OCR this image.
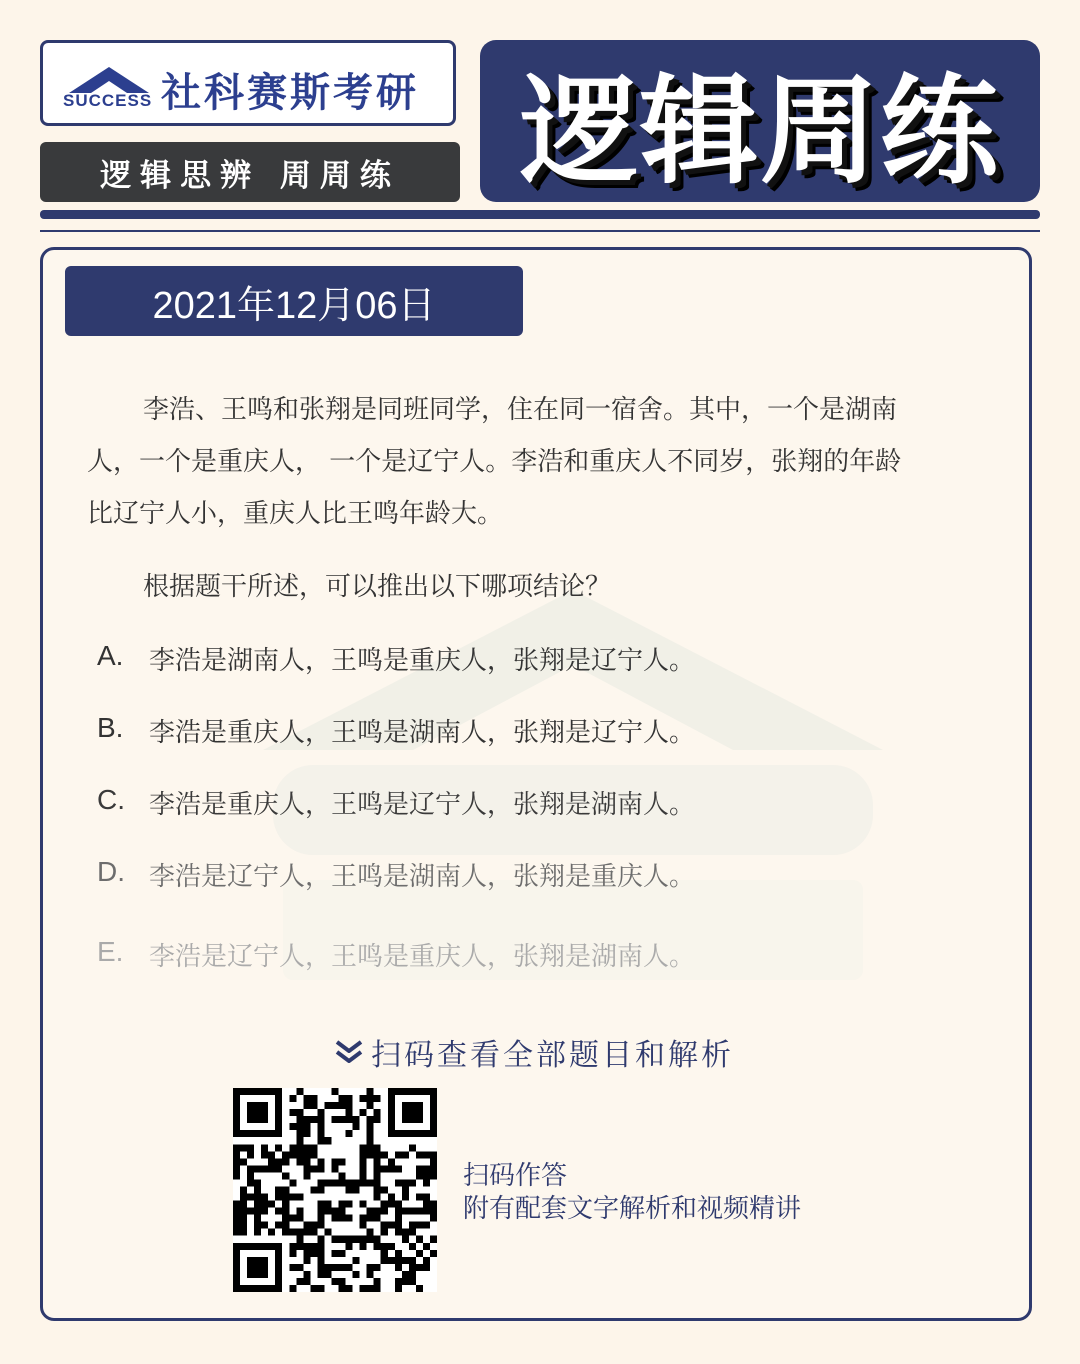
SUCCESS 社科赛斯考研
逻辑思辨 周周练	逻辑周练
2021年12月06日
李浩、王鸣和张翔是同班同学，住在同一宿舍。其中，一个是湖南
人，一个是重庆人， 一个是辽宁人。李浩和重庆人不同岁，张翔的年龄
比辽宁人小，重庆人比王鸣年龄大。
根据题干所述，可以推出以下哪项结论？
A. 李浩是湖南人，王鸣是重庆人，张翔是辽宁人。
B. 李浩是重庆人，王鸣是湖南人，张翔是辽宁人。
C. 李浩是重庆人，王鸣是辽宁人，张翔是湖南人。
D. 李浩是辽宁人，王鸣是湖南人，张翔是重庆人。
E. 李浩是辽宁人，王鸣是重庆人，张翔是湖南人。
扫码查看全部题目和解析
扫码作答
附有配套文字解析和视频精讲
